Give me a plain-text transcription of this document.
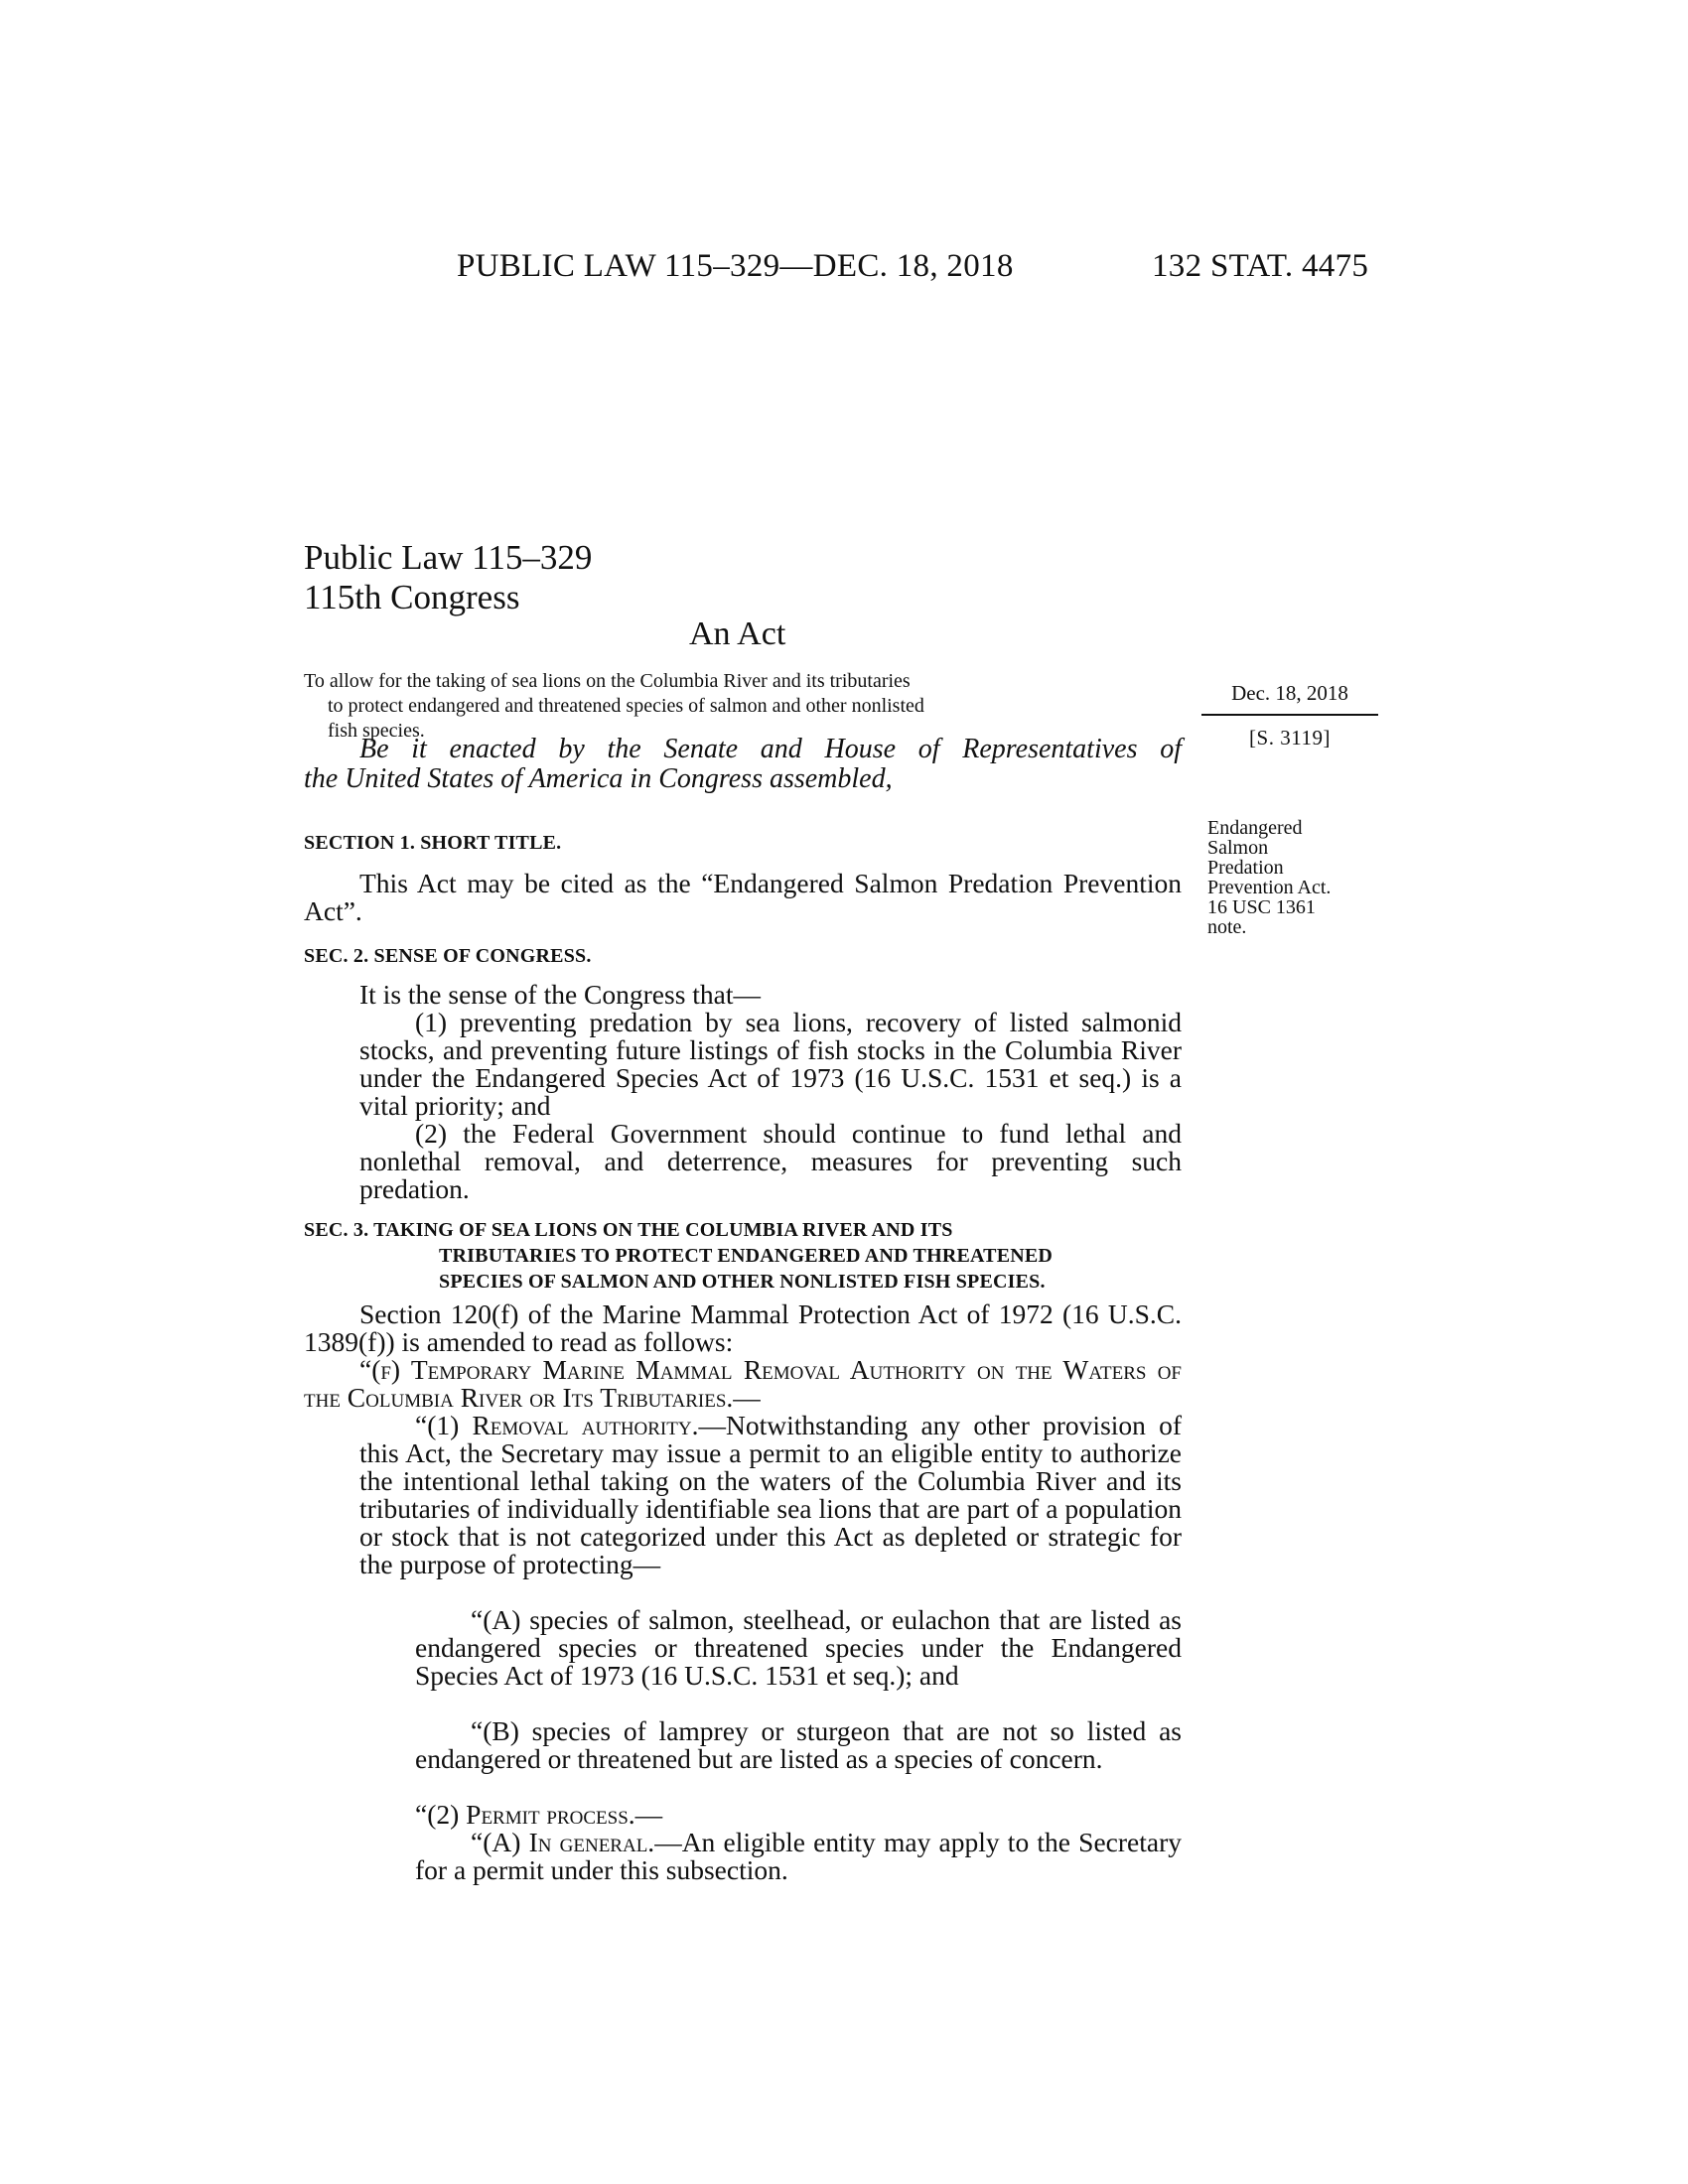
PUBLIC LAW 115–329—DEC. 18, 2018	132 STAT. 4475
Public Law 115–329
115th Congress
An Act
To allow for the taking of sea lions on the Columbia River and its tributaries
to protect endangered and threatened species of salmon and other nonlisted
fish species.
Dec. 18, 2018
[S. 3119]
Be it enacted by the Senate and House of Representatives of
the United States of America in Congress assembled,
Endangered
Salmon
Predation
Prevention Act.
16 USC 1361
note.
SECTION 1. SHORT TITLE.
This Act may be cited as the “Endangered Salmon Predation Prevention Act”.
SEC. 2. SENSE OF CONGRESS.
It is the sense of the Congress that—
(1) preventing predation by sea lions, recovery of listed salmonid stocks, and preventing future listings of fish stocks in the Columbia River under the Endangered Species Act of 1973 (16 U.S.C. 1531 et seq.) is a vital priority; and
(2) the Federal Government should continue to fund lethal and nonlethal removal, and deterrence, measures for preventing such predation.
SEC. 3. TAKING OF SEA LIONS ON THE COLUMBIA RIVER AND ITS
TRIBUTARIES TO PROTECT ENDANGERED AND THREATENED
SPECIES OF SALMON AND OTHER NONLISTED FISH SPECIES.
Section 120(f) of the Marine Mammal Protection Act of 1972 (16 U.S.C. 1389(f)) is amended to read as follows:
“(f) Temporary Marine Mammal Removal Authority on the Waters of the Columbia River or Its Tributaries.—
“(1) Removal authority.—Notwithstanding any other provision of this Act, the Secretary may issue a permit to an eligible entity to authorize the intentional lethal taking on the waters of the Columbia River and its tributaries of individually identifiable sea lions that are part of a population or stock that is not categorized under this Act as depleted or strategic for the purpose of protecting—
“(A) species of salmon, steelhead, or eulachon that are listed as endangered species or threatened species under the Endangered Species Act of 1973 (16 U.S.C. 1531 et seq.); and
“(B) species of lamprey or sturgeon that are not so listed as endangered or threatened but are listed as a species of concern.
“(2) Permit process.—
“(A) In general.—An eligible entity may apply to the Secretary for a permit under this subsection.
